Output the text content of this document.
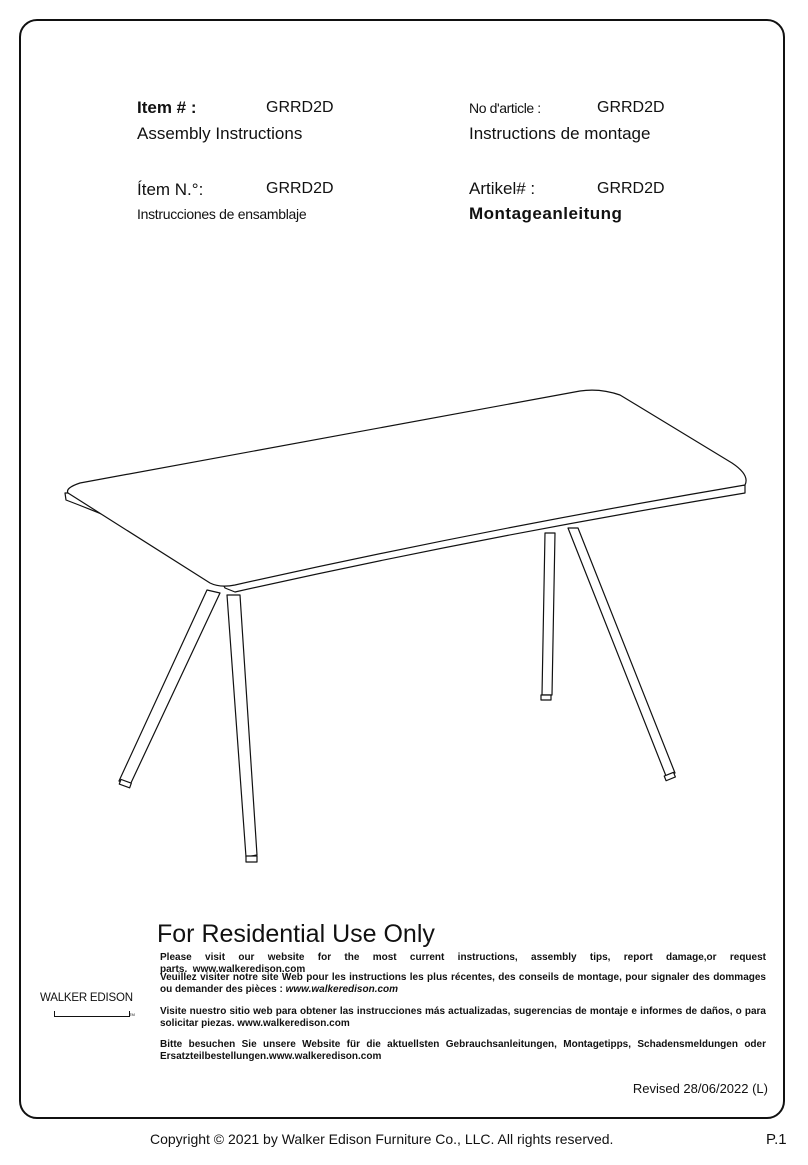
Item # :	GRRD2D
Assembly Instructions
No d'article :	GRRD2D
Instructions de montage
Ítem N.°:	GRRD2D
Instrucciones de ensamblaje
Artikel# :	GRRD2D
Montageanleitung
For Residential Use Only
Please visit our website for the most current instructions, assembly tips, report damage,or request parts. www.walkeredison.com
Veuillez visiter notre site Web pour les instructions les plus récentes, des conseils de montage, pour signaler des dommages ou demander des pièces : www.walkeredison.com
Visite nuestro sitio web para obtener las instrucciones más actualizadas, sugerencias de montaje e informes de daños, o para solicitar piezas. www.walkeredison.com
Bitte besuchen Sie unsere Website für die aktuellsten Gebrauchsanleitungen, Montagetipps, Schadensmeldungen oder Ersatzteilbestellungen.www.walkeredison.com
WALKER EDISON
TM
Revised 28/06/2022 (L)
Copyright © 2021 by Walker Edison Furniture Co., LLC. All rights reserved.	P.1
